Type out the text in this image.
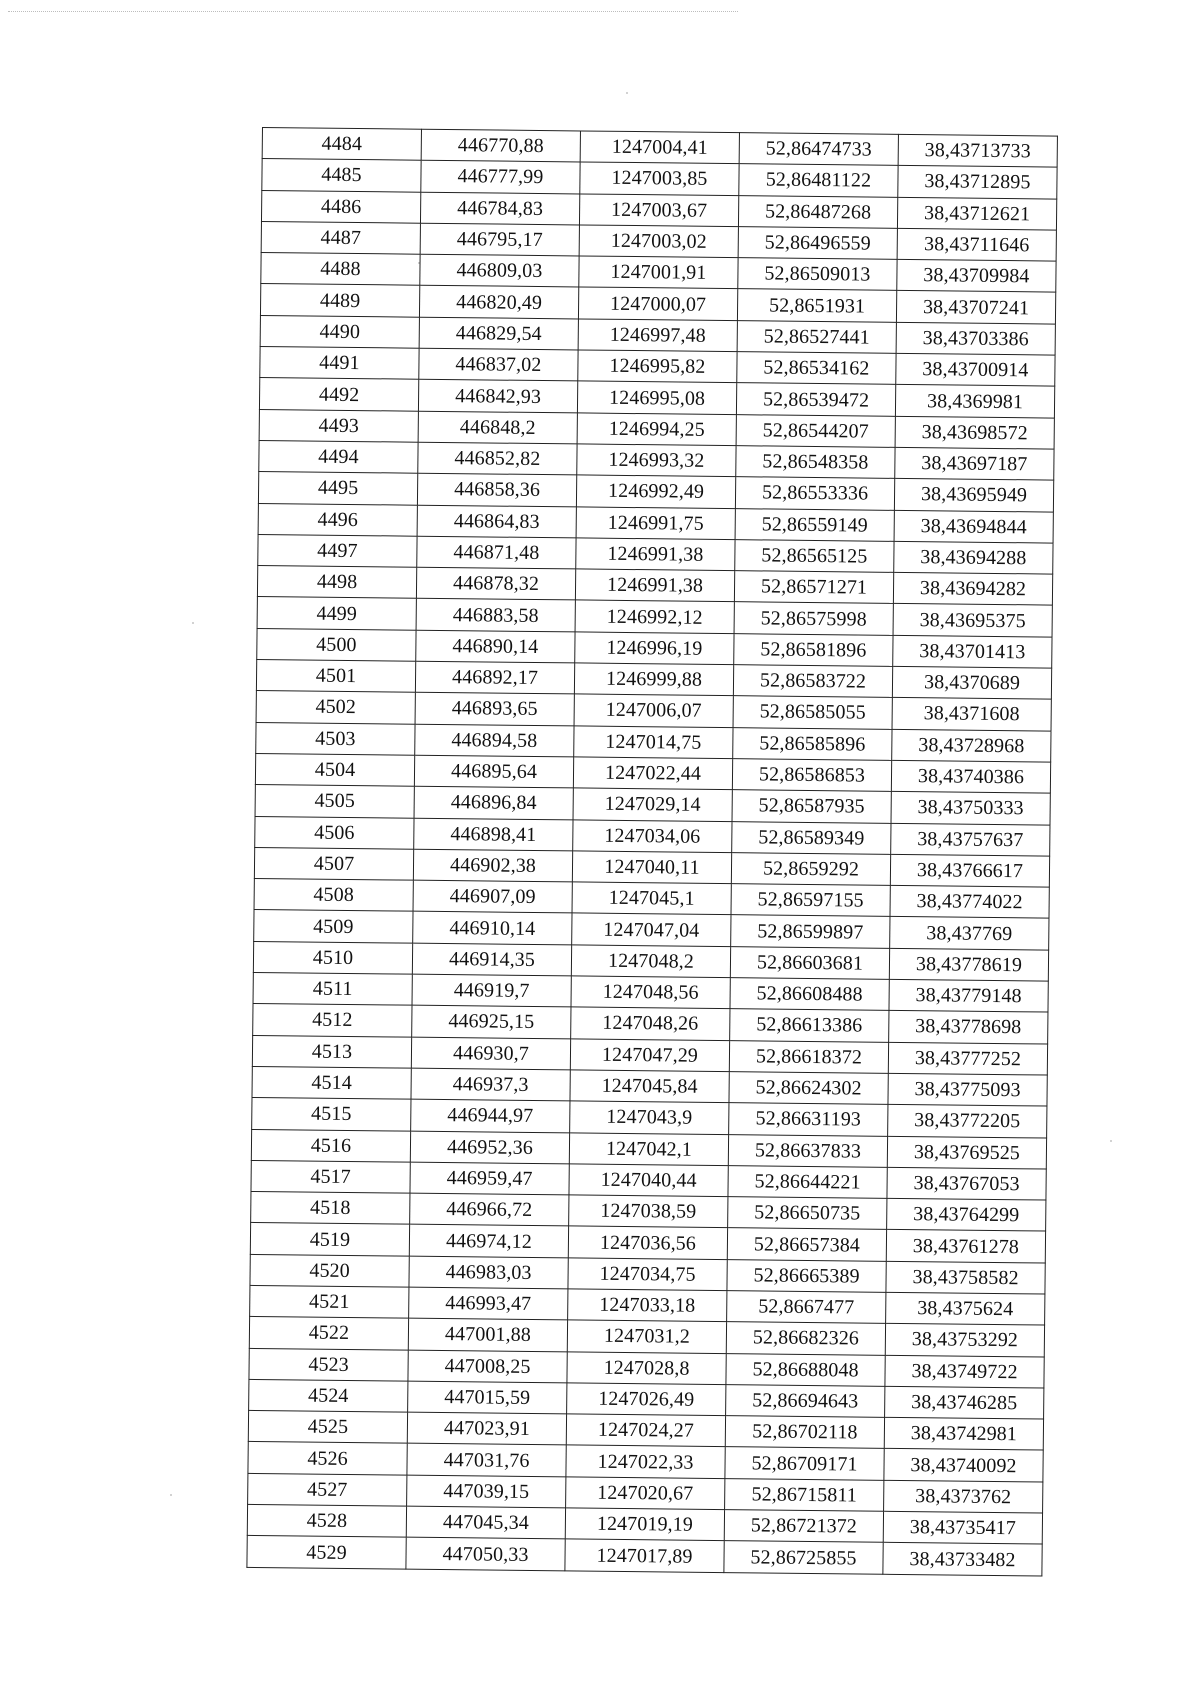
4484	446770,88	1247004,41	52,86474733	38,43713733
4485	446777,99	1247003,85	52,86481122	38,43712895
4486	446784,83	1247003,67	52,86487268	38,43712621
4487	446795,17	1247003,02	52,86496559	38,43711646
4488	446809,03	1247001,91	52,86509013	38,43709984
4489	446820,49	1247000,07	52,8651931	38,43707241
4490	446829,54	1246997,48	52,86527441	38,43703386
4491	446837,02	1246995,82	52,86534162	38,43700914
4492	446842,93	1246995,08	52,86539472	38,4369981
4493	446848,2	1246994,25	52,86544207	38,43698572
4494	446852,82	1246993,32	52,86548358	38,43697187
4495	446858,36	1246992,49	52,86553336	38,43695949
4496	446864,83	1246991,75	52,86559149	38,43694844
4497	446871,48	1246991,38	52,86565125	38,43694288
4498	446878,32	1246991,38	52,86571271	38,43694282
4499	446883,58	1246992,12	52,86575998	38,43695375
4500	446890,14	1246996,19	52,86581896	38,43701413
4501	446892,17	1246999,88	52,86583722	38,4370689
4502	446893,65	1247006,07	52,86585055	38,4371608
4503	446894,58	1247014,75	52,86585896	38,43728968
4504	446895,64	1247022,44	52,86586853	38,43740386
4505	446896,84	1247029,14	52,86587935	38,43750333
4506	446898,41	1247034,06	52,86589349	38,43757637
4507	446902,38	1247040,11	52,8659292	38,43766617
4508	446907,09	1247045,1	52,86597155	38,43774022
4509	446910,14	1247047,04	52,86599897	38,437769
4510	446914,35	1247048,2	52,86603681	38,43778619
4511	446919,7	1247048,56	52,86608488	38,43779148
4512	446925,15	1247048,26	52,86613386	38,43778698
4513	446930,7	1247047,29	52,86618372	38,43777252
4514	446937,3	1247045,84	52,86624302	38,43775093
4515	446944,97	1247043,9	52,86631193	38,43772205
4516	446952,36	1247042,1	52,86637833	38,43769525
4517	446959,47	1247040,44	52,86644221	38,43767053
4518	446966,72	1247038,59	52,86650735	38,43764299
4519	446974,12	1247036,56	52,86657384	38,43761278
4520	446983,03	1247034,75	52,86665389	38,43758582
4521	446993,47	1247033,18	52,8667477	38,4375624
4522	447001,88	1247031,2	52,86682326	38,43753292
4523	447008,25	1247028,8	52,86688048	38,43749722
4524	447015,59	1247026,49	52,86694643	38,43746285
4525	447023,91	1247024,27	52,86702118	38,43742981
4526	447031,76	1247022,33	52,86709171	38,43740092
4527	447039,15	1247020,67	52,86715811	38,4373762
4528	447045,34	1247019,19	52,86721372	38,43735417
4529	447050,33	1247017,89	52,86725855	38,43733482
